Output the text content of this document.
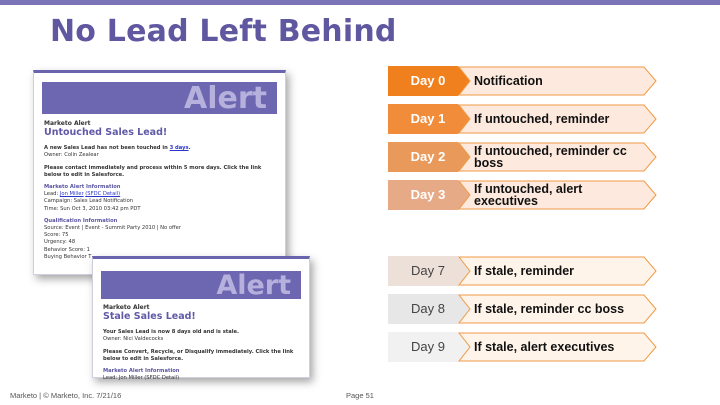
No Lead Left Behind
Alert
Marketo Alert
Untouched Sales Lead!
A new Sales Lead has not been touched in 3 days.
Owner: Colin Zealear
Please contact immediately and process within 5 more days. Click the link below to edit in Salesforce.
Marketo Alert Information
Lead: Jon Miller (SFDC Detail)
Campaign: Sales Lead Notification
Time: Sun Oct 3, 2010 03:42 pm PDT
Qualification Information
Source: Event | Event - Summit Party 2010 | No offer
Score: 75
Urgency: 48
Behavior Score: 1
Buying Behavior T
Alert
Marketo Alert
Stale Sales Lead!
Your Sales Lead is now 8 days old and is stale.
Owner: Nici Valdecocks
Please Convert, Recycle, or Disqualify immediately. Click the link below to edit in Salesforce.
Marketo Alert Information
Lead: Jon Miller (SFDC Detail)
Day 0	Notification
Day 1	If untouched, reminder
Day 2	If untouched, reminder cc boss
Day 3	If untouched, alert executives
Day 7	If stale, reminder
Day 8	If stale, reminder cc boss
Day 9	If stale, alert executives
Marketo | © Marketo, Inc. 7/21/16	Page 51
